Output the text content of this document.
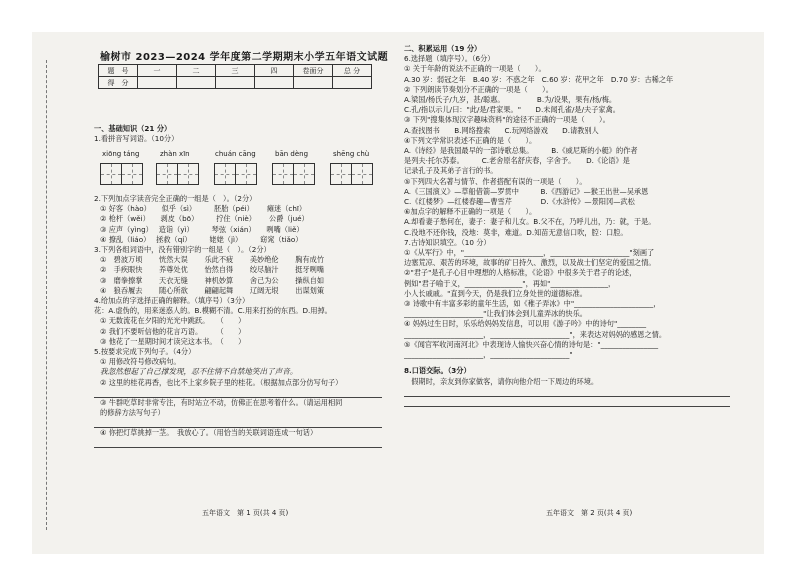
榆树市 2023—2024 学年度第二学期期末小学五年语文试题
题　号	一	二	三	四	卷面分	总 分
得　分						
xiōng táng	zhàn xīn	chuán cāng	bān dèng	shēng chù
一、基础知识（21 分）
1.看拼音写词语。（10分）
2.下列加点字读音完全正确的一组是（　）。（2分）
① 好客（hào）　　似乎（sì）　　　胚胎（péi）　　 瘫迷（chī）
② 枪杆（wěi）　　剥皮（bō）　　　拧住（niè）　　 公爵（jué）
③ 应声（yìng）　 造诣（yì）　　　琴弦（xián）　　咧嘴（liě）
④ 撩乱（liáo）　 拯救（qí）　　　姥姥（jì）　　　窈窕（tiǎo）
3.下列各组词语中，没有错别字的一组是（　）。（2分）
①　碧波万顷　　 恍然大误　　 乐此不疲　　 美妙绝伦　　 胸有成竹
②　手疾眼快　　 养尊处优　　 怡然自得　　 绞尽脑汁　　 挺牙咧嘴
③　磨拳擦掌　　 天衣无缝　　 神机妙算　　 舍己为公　　 操纵自如
④　狼吞履去　　 随心所欲　　 翩翩起舞　　 辽阔无垠　　 出谋划策
4.给加点的字选择正确的解释。（填序号）（3分）
花：A.虚伪的，用来迷惑人的。B.模糊不清。C.用来打扮的东西。D.用掉。
① 无数流花在夕阳的光光中跳跃。　　（　　）
② 我们不要听信他的花言巧语。　　　（　　）
③ 他花了一星期时间才读完这本书。　（　　）
5.按要求完成下列句子。（4分）
① 用修改符号修改病句。
我忽然想起了自己撑发现，忍不住情不自禁地笑出了声音。
② 这里的桂花再香，也比不上家乡院子里的桂花。（根据加点部分仿写句子）
③ 牛群吃草时非常专注，有时站立不动，仿佛正在思考着什么。（请运用相同
的修辞方法写句子）
④ 你把灯草挑掉一茎。　我放心了。（用恰当的关联词语连成一句话）
五年语文　第 1 页(共 4 页)
二、积累运用（19 分）
6.选择题（填序号）。（6分）
① 关于年龄的说法不正确的一项是（　　）。
A.30 岁：弱冠之年　B.40 岁：不惑之年　C.60 岁：花甲之年　D.70 岁：古稀之年
② 下列朗读节奏划分不正确的一项是（　　）。
A.梁国/杨氏子/九岁，甚/聪惠。　　　　　B.为/设果，果有/杨/梅。
C.孔/指以示儿/曰："此/是/君家果。"　　D.未闻孔雀/是/夫子家禽。
③ 下列"搜集体现汉字趣味资料"的途径不正确的一项是（　　）。
A.查找图书　　B.网络搜索　　C.玩网络游戏　　D.请教别人
④下列文学常识表述不正确的是（　　）。
A.《诗经》是我国最早的一部诗歌总集。　　　B.《威尼斯的小艇》的作者
是列夫·托尔苏泰。　　　C.老舍原名舒庆春，字舍予。　　D.《论语》是
记录孔子及其弟子言行的书。
⑤下列四大名著与情节、作者搭配有误的一项是（　　）。
A.《三国演义》—草船借箭—罗贯中　　　B.《西游记》—猴王出世—吴承恩
C.《红楼梦》—红楼春趣—曹雪芹　　　　D.《水浒传》—景阳冈—武松
⑥加点字的解释不正确的一项是（　　）。
A.却看妻子愁何在，妻子：妻子和儿女。B.父不在，乃呼儿出，乃：就，于是。
C.没地不还你钱，没地：莫非，难道。D.知苗无意信口吹，腔：口腔。
7.古诗知识填空。（10 分）
①《从军行》中，"______________________，______________________"刻画了
边塞荒凉、艰苦的环境，故事的矿日持久、激烈，以及战士们坚定的爱国之情。
②"君子"是孔子心目中理想的人格标准，《论语》中很多关于君子的论述，
例如"君子喻于义，________________"，再如"________________，
小人长戚戚。"直到今天，仍是我们立身处世的道德标准。
③ 诗歌中有丰富多彩的童年生活，如《稚子弄冰》中"______________________，
______________________"让我们体会到儿童弄冰的快乐。
④ 妈妈过生日时，乐乐给妈妈发信息，可以用《游子吟》中的诗句"________
______________________，______________________"，来表达对妈妈的感恩之情。
⑤《闻官军收河南河北》中表现诗人愉快兴奋心情的诗句是："________________
______________________，______________________"
8.口语交际。（3分）
　假期时，亲友到你家做客，请你向他介绍一下周边的环境。
五年语文　第 2 页(共 4 页)
